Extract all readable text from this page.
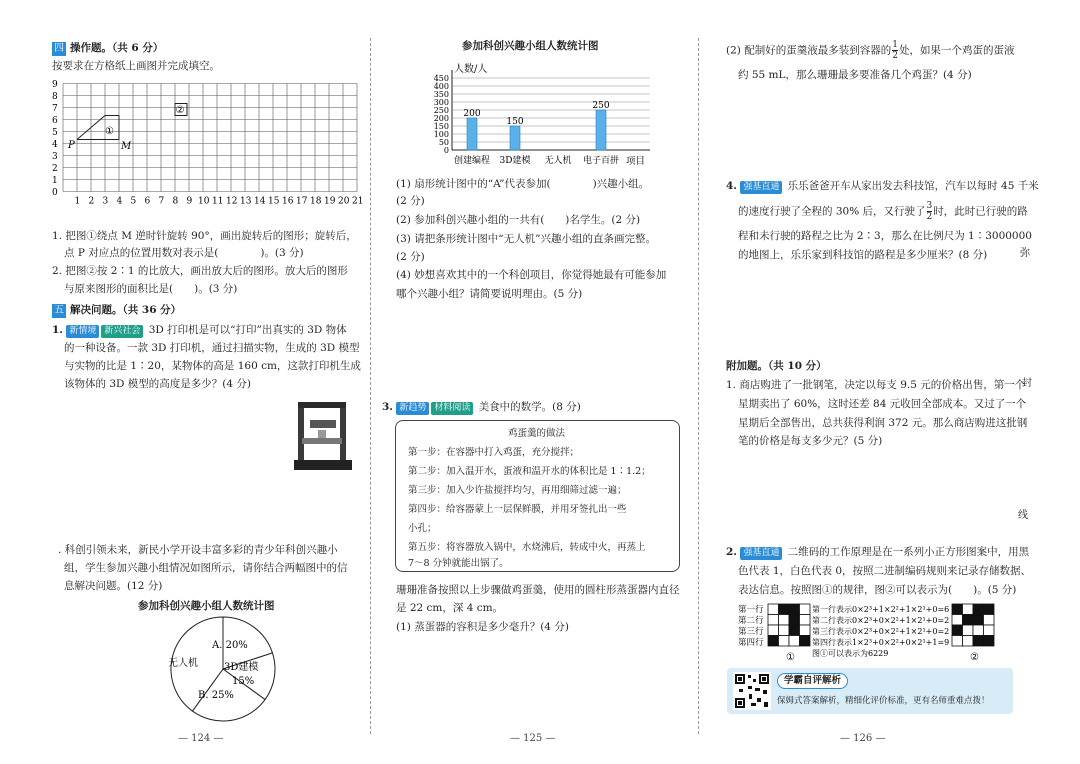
四 操作题。（共 6 分）
按要求在方格纸上画图并完成填空。
0
1
2
3
4
5
6
7
8
9
1 2 3 4 5 6 7 8 9 10 11 12 13 14 15 16 17 18 19 20 21
P	M
①
②
1. 把图①绕点 M 逆时针旋转 90°，画出旋转后的图形；旋转后，
点 P 对应点的位置用数对表示是(　　　　)。(3 分)
2. 把图②按 2∶1 的比放大，画出放大后的图形。放大后的图形
与原来图形的面积比是(　　)。(3 分)
五 解决问题。（共 36 分）
1. 新情境 新兴社会 3D 打印机是可以“打印”出真实的 3D 物体
的一种设备。一款 3D 打印机，通过扫描实物，生成的 3D 模型
与实物的比是 1∶20，某物体的高是 160 cm，这款打印机生成
该物体的 3D 模型的高度是多少？(4 分)
. 科创引领未来，新民小学开设丰富多彩的青少年科创兴趣小
组，学生参加兴趣小组情况如图所示，请你结合两幅图中的信
息解决问题。(12 分)
参加科创兴趣小组人数统计图
A. 20%
3D建模
15%
B. 25%
无人机
— 124 —
参加科创兴趣小组人数统计图
人数/人
0
50
100
150
200
250
300
350
400
450
200
150
250
创建编程 3D建模 无人机 电子百拼 项目
(1) 扇形统计图中的“A”代表参加(　　　　)兴趣小组。
(2 分)
(2) 参加科创兴趣小组的一共有(　　)名学生。(2 分)
(3) 请把条形统计图中“无人机”兴趣小组的直条画完整。
(2 分)
(4) 妙想喜欢其中的一个科创项目，你觉得她最有可能参加
哪个兴趣小组？请简要说明理由。(5 分)
3. 新趋势 材料阅读 美食中的数学。(8 分)
鸡蛋羹的做法
第一步：在容器中打入鸡蛋，充分搅拌；
第二步：加入温开水，蛋液和温开水的体积比是 1∶1.2；
第三步：加入少许盐搅拌均匀，再用细筛过滤一遍；
第四步：给容器蒙上一层保鲜膜，并用牙签扎出一些
小孔；
第五步：将容器放入锅中，水烧沸后，转成中火，再蒸上
7～8 分钟就能出锅了。
珊珊准备按照以上步骤做鸡蛋羹，使用的圆柱形蒸蛋器内直径
是 22 cm，深 4 cm。
(1) 蒸蛋器的容积是多少毫升？(4 分)
— 125 —
(2) 配制好的蛋羹液最多装到容器的 $\frac{1}{2}$ 处，如果一个鸡蛋的蛋液
约 55 mL，那么珊珊最多要准备几个鸡蛋？(4 分)
4. 强基直通 乐乐爸爸开车从家出发去科技馆，汽车以每时 45 千米
的速度行驶了全程的 30% 后，又行驶了 $\frac{3}{2}$ 时，此时已行驶的路
程和未行驶的路程之比为 2∶3，那么在比例尺为 1∶3000000
的地图上，乐乐家到科技馆的路程是多少厘米？(8 分)
附加题。（共 10 分）
1. 商店购进了一批钢笔，决定以每支 9.5 元的价格出售，第一个
星期卖出了 60%，这时还差 84 元收回全部成本。又过了一个
星期后全部售出，总共获得利润 372 元。那么商店购进这批钢
笔的价格是每支多少元？(5 分)
2. 强基直通 二维码的工作原理是在一系列小正方形图案中，用黑
色代表 1，白色代表 0，按照二进制编码规则来记录存储数据、
表达信息。按照图①的规律，图②可以表示为(　　)。(5 分)
第一行
第二行
第三行
第四行
第一行表示0×2³+1×2²+1×2¹+0=6
第二行表示0×2³+0×2²+1×2¹+0=2
第三行表示0×2³+0×2²+1×2¹+0=2
第四行表示1×2³+0×2²+0×2¹+1=9
图①可以表示为6229
①	②
学霸自评解析
保姆式答案解析，精细化评价标准，更有名师重难点拨！
弥
封
线
— 126 —
